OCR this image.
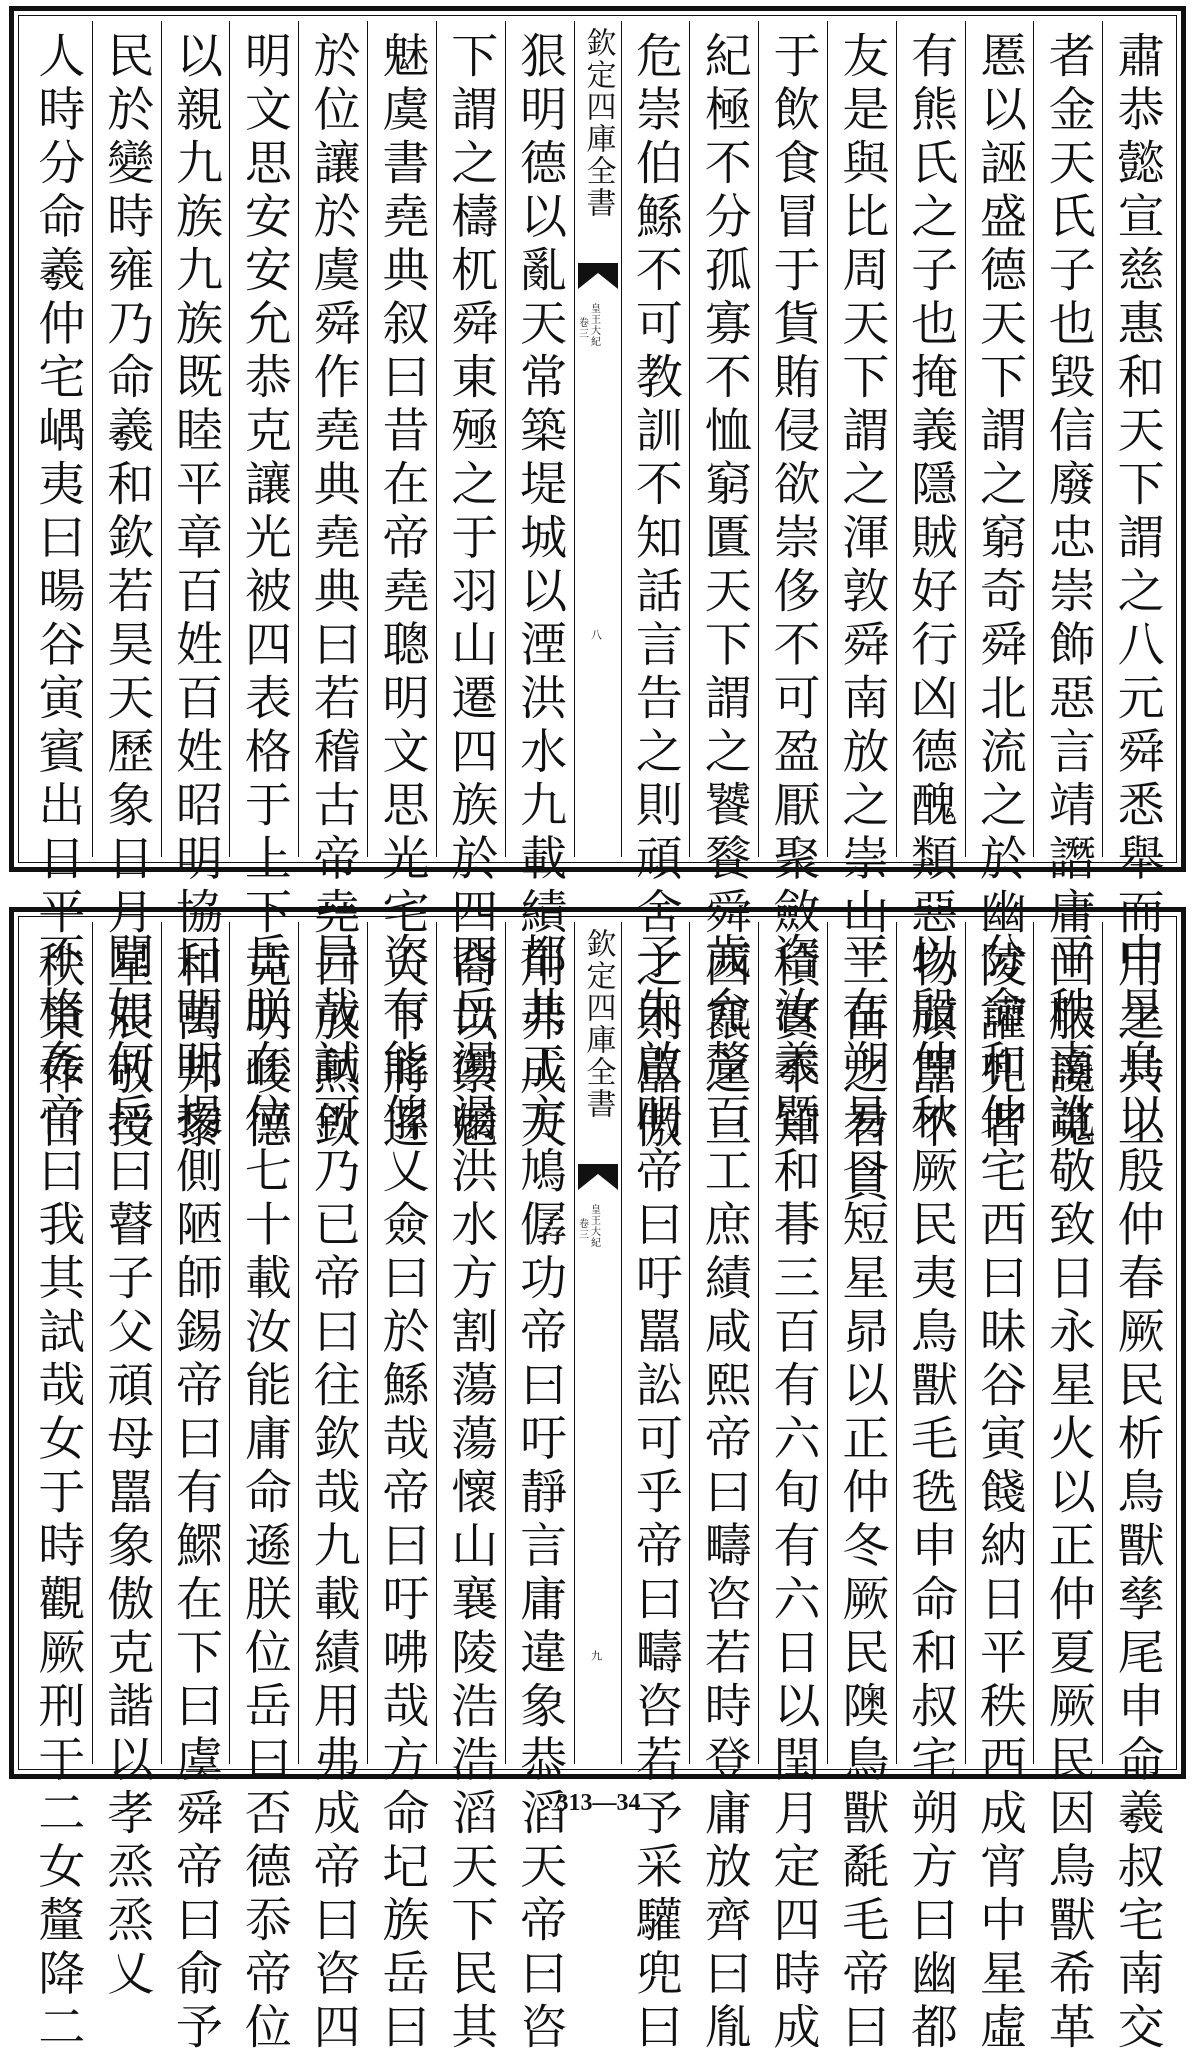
肅恭懿宣慈惠和天下謂之八元舜悉舉而用之共工
者金天氏子也毀信廢忠崇飾惡言靖譖庸回服讒蒐
慝以誣盛德天下謂之窮奇舜北流之於幽陵讙兜者
有熊氏之子也掩義隱賊好行凶德醜類惡物頑嚚不
友是與比周天下謂之渾敦舜南放之崇山三苗之君貪
于飲食冒于貨賄侵欲崇侈不可盈厭聚斂積實不知
紀極不分孤寡不恤窮匱天下謂之饕餮舜西竄之三
危崇伯鯀不可教訓不知話言告之則頑舍之則嚚傲
欽定四庫全書
皇王大紀
卷三
八
狠明德以亂天常築堤城以湮洪水九載績用弗成天
下謂之檮杌舜東殛之于羽山遷四族於四裔以禦魑
魅虞書堯典叙曰昔在帝堯聰明文思光宅天下將遜
於位讓於虞舜作堯典堯典曰若稽古帝堯曰放勲欽
明文思安安允恭克讓光被四表格于上下克明峻德
以親九族九族既睦平章百姓百姓昭明協和萬邦黎
民於變時雍乃命羲和欽若昊天歷象日月星辰敬授
人時分命羲仲宅嵎夷曰暘谷寅賓出日平秩東作日
中星烏以殷仲春厥民析鳥獸孳尾申命羲叔宅南交
平秩南訛敬致日永星火以正仲夏厥民因鳥獸希革
分命和仲宅西曰昧谷寅餞納日平秩西成宵中星虛
以殷仲秋厥民夷鳥獸毛毨申命和叔宅朔方曰幽都
平在朔易日短星昴以正仲冬厥民隩鳥獸氄毛帝曰
咨汝羲暨和朞三百有六旬有六日以閏月定四時成
歲允釐百工庶績咸熙帝曰疇咨若時登庸放齊曰胤
子朱啟明帝曰吁嚚訟可乎帝曰疇咨若予采驩兜曰
欽定四庫全書
皇王大紀
卷三
九
都共工方鳩僝功帝曰吁靜言庸違象恭滔天帝曰咨
四岳湯湯洪水方割蕩蕩懷山襄陵浩浩滔天下民其
咨有能俾乂僉曰於鯀哉帝曰吁咈哉方命圮族岳曰
异哉試可乃已帝曰往欽哉九載績用弗成帝曰咨四
岳朕在位七十載汝能庸命遜朕位岳曰否德忝帝位
曰明明揚側陋師錫帝曰有鰥在下曰虞舜帝曰俞予
聞如何岳曰瞽子父頑母嚚象傲克諧以孝烝烝乂
不格姦帝曰我其試哉女于時觀厥刑于二女釐降二	313—34
